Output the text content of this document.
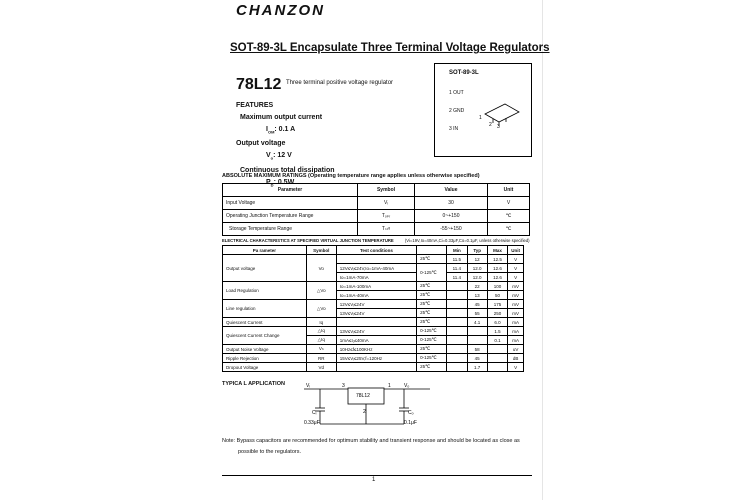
CHANZON
SOT-89-3L Encapsulate Three Terminal Voltage Regulators
78L12 Three terminal positive voltage regulator
FEATURES
Maximum output current
$I_{OM}$: 0.1 A
Output voltage
$V_o$: 12 V
Continuous total dissipation
$P_D$: 0.5W
SOT-89-3L
1 OUT
2 GND
3 IN
1
2 3
ABSOLUTE MAXIMUM RATINGS (Operating temperature range applies unless otherwise specified)
Parameter	Symbol	Value	Unit
Input Voltage	Vᵢ	30	V
Operating Junction Temperature Range	Tₒₚᵣ	0~+150	℃
Storage Temperature Range	Tₛₜᵍ	-55~+150	℃
ELECTRICAL CHARACTERISTICS AT SPECIFIED VIRTUAL JUNCTION TEMPERATURE	(Vi=19V,Io=40mA,Ci=0.33μF,Co=0.1μF, unless otherwise specified)
Pa rameter	Symbol	Test conditions		Min	Typ	Max	Unit
Output voltage	Vo		25℃	11.5	12	12.5	V
		12V≤Vᵢ≤24V,Io=1mA-40mA	0-125℃	11.4	12.0	12.6	V
		Io=1mA-70mA		11.4	12.0	12.6	V
Load Regulation	△Vo	Io=1mA-100mA	25℃		22	100	mV
		Io=1mA-40mA	25℃		13	50	mV
Line regulation	△Vo	12V≤Vᵢ≤24V	25℃		45	175	mV
		13V≤Vᵢ≤24V	25℃		55	250	mV
Quiescent Current	Iq		25℃		4.1	6.0	mA
Quiescent Current Change	△Iq	13V≤Vᵢ≤24V	0-125℃			1.5	mA
	△Iq	1mA≤Iₒ≤40mA	0-125℃			0.1	mA
Output Noise Voltage	Vₙ	10Hz≤f≤100KHz	25℃		58		uV
Ripple Rejection	RR	15V≤Vᵢ≤25V,f=120Hz	0-125℃		45		dB
Dropout Voltage	Vd		25℃		1.7		V
TYPICA L APPLICATION	Vᵢ	Vₒ
3	1
2
78L12
Cᵢ	Cₒ
0.33μF	0.1μF
Note: Bypass capacitors are recommended for optimum stability and transient response and should be located as close as
possible to the regulators.
1
